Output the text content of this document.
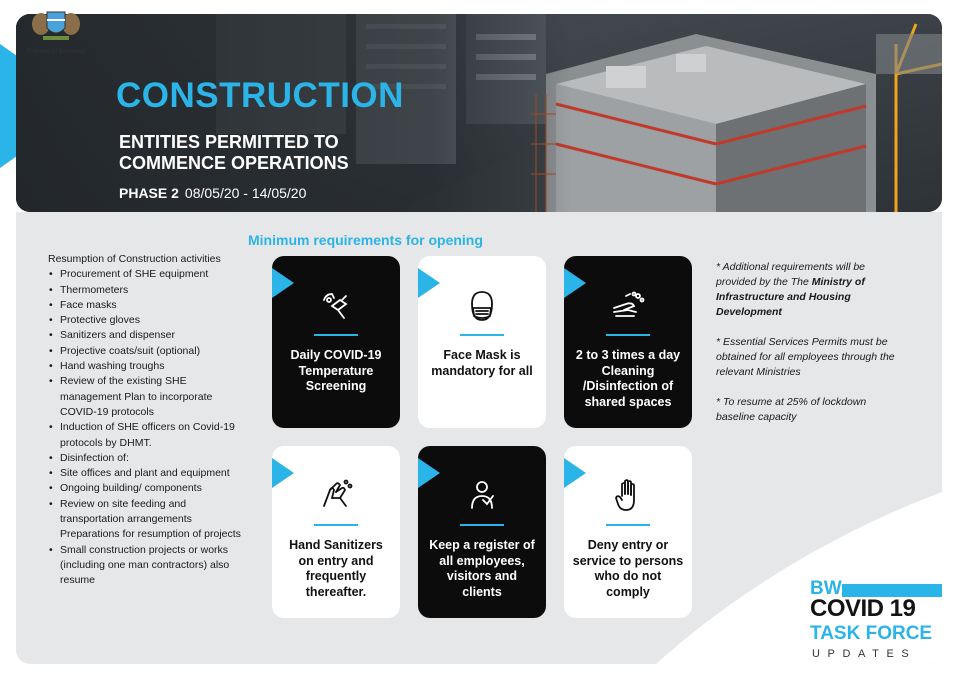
CONSTRUCTION
ENTITIES PERMITTED TO COMMENCE OPERATIONS
PHASE 2 08/05/20 - 14/05/20
Republic of Botswana
Minimum requirements for opening
Resumption of Construction activities
• Procurement of SHE equipment
• Thermometers
• Face masks
• Protective gloves
• Sanitizers and dispenser
• Projective coats/suit (optional)
• Hand washing troughs
• Review of the existing SHE management Plan to incorporate COVID-19 protocols
• Induction of SHE officers on Covid-19 protocols by DHMT.
• Disinfection of:
• Site offices and plant and equipment
• Ongoing building/ components
• Review on site feeding and transportation arrangements Preparations for resumption of projects
• Small construction projects or works (including one man contractors) also resume

* Additional requirements will be provided by the The Ministry of Infrastructure and Housing Development

* Essential Services Permits must be obtained for all employees through the relevant Ministries

* To resume at 25% of lockdown baseline capacity

Daily COVID-19 Temperature Screening
Face Mask is mandatory for all
2 to 3 times a day Cleaning /Disinfection of shared spaces
Hand Sanitizers on entry and frequently thereafter.
Keep a register of all employees, visitors and clients
Deny entry or service to persons who do not comply	BW
COVID 19
TASK FORCE
UPDATES
